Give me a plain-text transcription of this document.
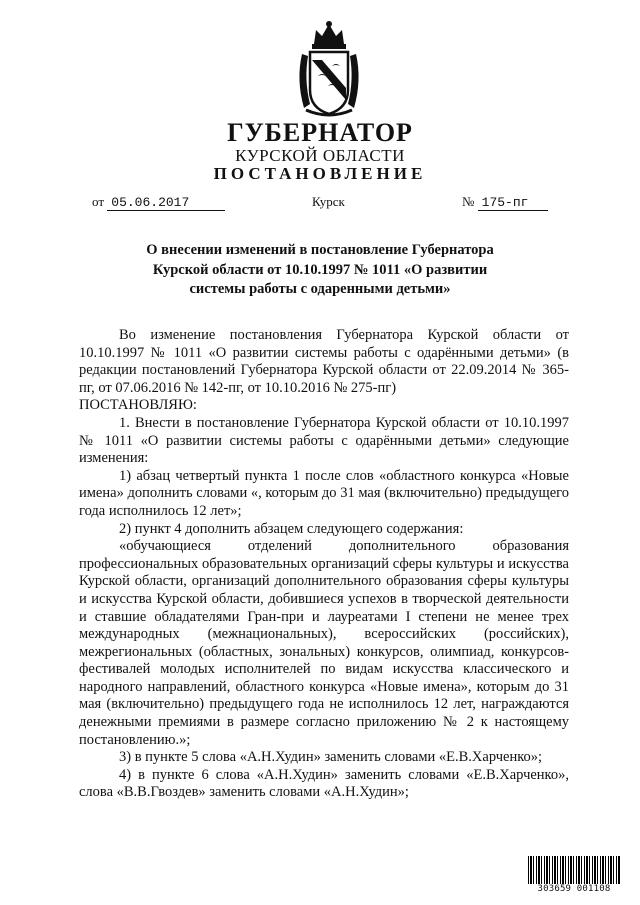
ГУБЕРНАТОР
КУРСКОЙ ОБЛАСТИ
ПОСТАНОВЛЕНИЕ
от 05.06.2017	Курск	№ 175-пг
О внесении изменений в постановление Губернатора
Курской области от 10.10.1997 № 1011 «О развитии
системы работы с одаренными детьми»

Во изменение постановления Губернатора Курской области от 10.10.1997 № 1011 «О развитии системы работы с одарёнными детьми» (в редакции постановлений Губернатора Курской области от 22.09.2014 № 365-пг, от 07.06.2016 № 142-пг, от 10.10.2016 № 275-пг)

ПОСТАНОВЛЯЮ:

1. Внести в постановление Губернатора Курской области от 10.10.1997 № 1011 «О развитии системы работы с одарёнными детьми» следующие изменения:

1) абзац четвертый пункта 1 после слов «областного конкурса «Новые имена» дополнить словами «, которым до 31 мая (включительно) предыдущего года исполнилось 12 лет»;

2) пункт 4 дополнить абзацем следующего содержания:

«обучающиеся отделений дополнительного образования профессиональных образовательных организаций сферы культуры и искусства Курской области, организаций дополнительного образования сферы культуры и искусства Курской области, добившиеся успехов в творческой деятельности и ставшие обладателями Гран-при и лауреатами I степени не менее трех международных (межнациональных), всероссийских (российских), межрегиональных (областных, зональных) конкурсов, олимпиад, конкурсов-фестивалей молодых исполнителей по видам искусства классического и народного направлений, областного конкурса «Новые имена», которым до 31 мая (включительно) предыдущего года не исполнилось 12 лет, награждаются денежными премиями в размере согласно приложению № 2 к настоящему постановлению.»;

3) в пункте 5 слова «А.Н.Худин» заменить словами «Е.В.Харченко»;

4) в пункте 6 слова «А.Н.Худин» заменить словами «Е.В.Харченко», слова «В.В.Гвоздев» заменить словами «А.Н.Худин»;

303659 001108
